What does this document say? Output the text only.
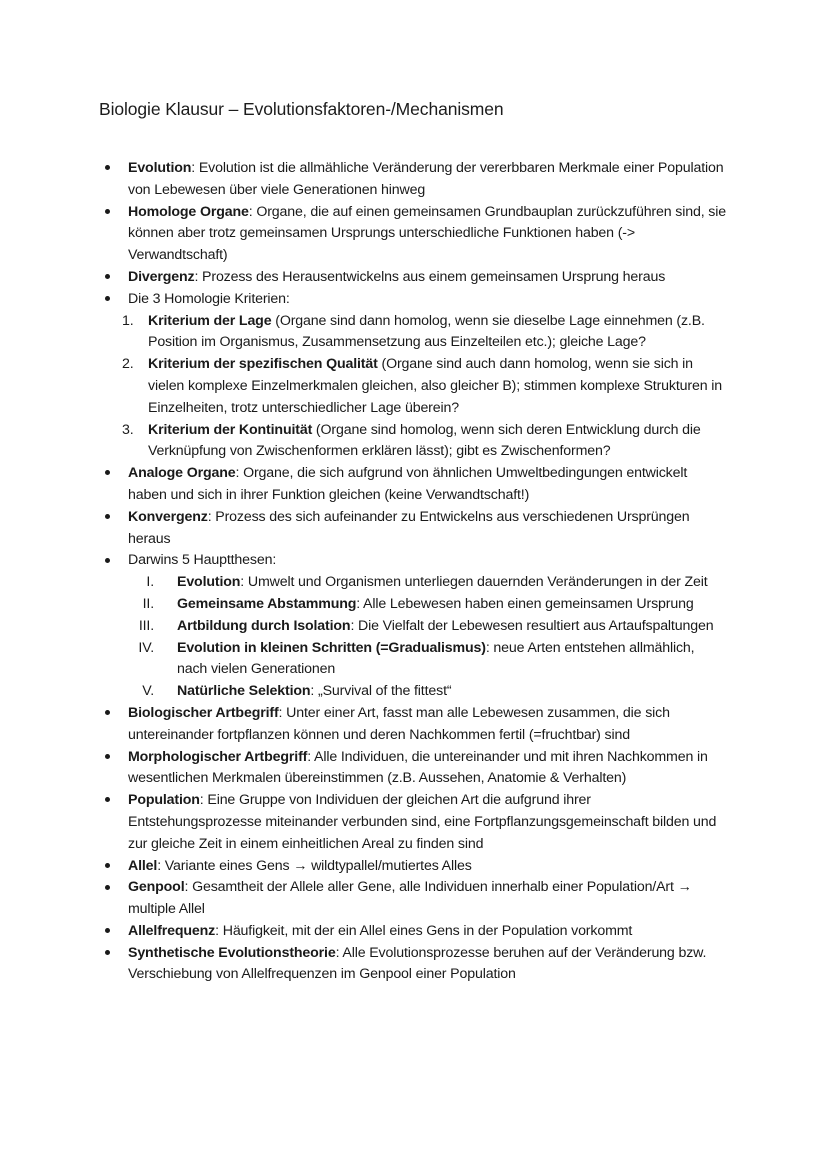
Biologie Klausur – Evolutionsfaktoren-/Mechanismen
Evolution: Evolution ist die allmähliche Veränderung der vererbbaren Merkmale einer Population von Lebewesen über viele Generationen hinweg
Homologe Organe: Organe, die auf einen gemeinsamen Grundbauplan zurückzuführen sind, sie können aber trotz gemeinsamen Ursprungs unterschiedliche Funktionen haben (-> Verwandtschaft)
Divergenz: Prozess des Herausentwickelns aus einem gemeinsamen Ursprung heraus
Die 3 Homologie Kriterien:
1. Kriterium der Lage (Organe sind dann homolog, wenn sie dieselbe Lage einnehmen (z.B. Position im Organismus, Zusammensetzung aus Einzelteilen etc.); gleiche Lage?
2. Kriterium der spezifischen Qualität (Organe sind auch dann homolog, wenn sie sich in vielen komplexe Einzelmerkmalen gleichen, also gleicher B); stimmen komplexe Strukturen in Einzelheiten, trotz unterschiedlicher Lage überein?
3. Kriterium der Kontinuität (Organe sind homolog, wenn sich deren Entwicklung durch die Verknüpfung von Zwischenformen erklären lässt); gibt es Zwischenformen?
Analoge Organe: Organe, die sich aufgrund von ähnlichen Umweltbedingungen entwickelt haben und sich in ihrer Funktion gleichen (keine Verwandtschaft!)
Konvergenz: Prozess des sich aufeinander zu Entwickelns aus verschiedenen Ursprüngen heraus
Darwins 5 Hauptthesen:
I. Evolution: Umwelt und Organismen unterliegen dauernden Veränderungen in der Zeit
II. Gemeinsame Abstammung: Alle Lebewesen haben einen gemeinsamen Ursprung
III. Artbildung durch Isolation: Die Vielfalt der Lebewesen resultiert aus Artaufspaltungen
IV. Evolution in kleinen Schritten (=Gradualismus): neue Arten entstehen allmählich, nach vielen Generationen
V. Natürliche Selektion: „Survival of the fittest“
Biologischer Artbegriff: Unter einer Art, fasst man alle Lebewesen zusammen, die sich untereinander fortpflanzen können und deren Nachkommen fertil (=fruchtbar) sind
Morphologischer Artbegriff: Alle Individuen, die untereinander und mit ihren Nachkommen in wesentlichen Merkmalen übereinstimmen (z.B. Aussehen, Anatomie & Verhalten)
Population: Eine Gruppe von Individuen der gleichen Art die aufgrund ihrer Entstehungsprozesse miteinander verbunden sind, eine Fortpflanzungsgemeinschaft bilden und zur gleiche Zeit in einem einheitlichen Areal zu finden sind
Allel: Variante eines Gens → wildtypallel/mutiertes Alles
Genpool: Gesamtheit der Allele aller Gene, alle Individuen innerhalb einer Population/Art → multiple Allel
Allelfrequenz: Häufigkeit, mit der ein Allel eines Gens in der Population vorkommt
Synthetische Evolutionstheorie: Alle Evolutionsprozesse beruhen auf der Veränderung bzw. Verschiebung von Allelfrequenzen im Genpool einer Population
